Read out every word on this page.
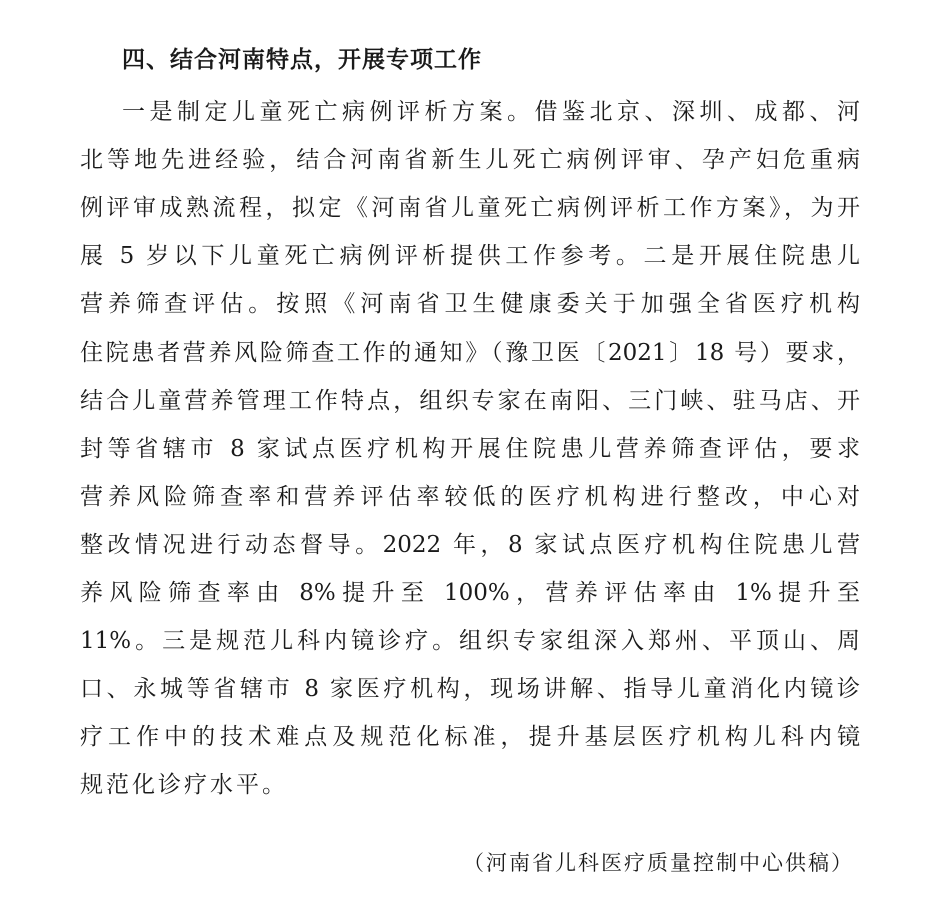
四、结合河南特点，开展专项工作
一是制定儿童死亡病例评析方案。借鉴北京、深圳、成都、河
北等地先进经验，结合河南省新生儿死亡病例评审、孕产妇危重病
例评审成熟流程，拟定《河南省儿童死亡病例评析工作方案》，为开
展 5 岁以下儿童死亡病例评析提供工作参考。二是开展住院患儿
营养筛查评估。按照《河南省卫生健康委关于加强全省医疗机构
住院患者营养风险筛查工作的通知》（豫卫医〔2021〕18 号）要求，
结合儿童营养管理工作特点，组织专家在南阳、三门峡、驻马店、开
封等省辖市 8 家试点医疗机构开展住院患儿营养筛查评估，要求
营养风险筛查率和营养评估率较低的医疗机构进行整改，中心对
整改情况进行动态督导。2022 年，8 家试点医疗机构住院患儿营
养风险筛查率由 8%提升至 100%，营养评估率由 1%提升至
11%。三是规范儿科内镜诊疗。组织专家组深入郑州、平顶山、周
口、永城等省辖市 8 家医疗机构，现场讲解、指导儿童消化内镜诊
疗工作中的技术难点及规范化标准，提升基层医疗机构儿科内镜
规范化诊疗水平。
（河南省儿科医疗质量控制中心供稿）
